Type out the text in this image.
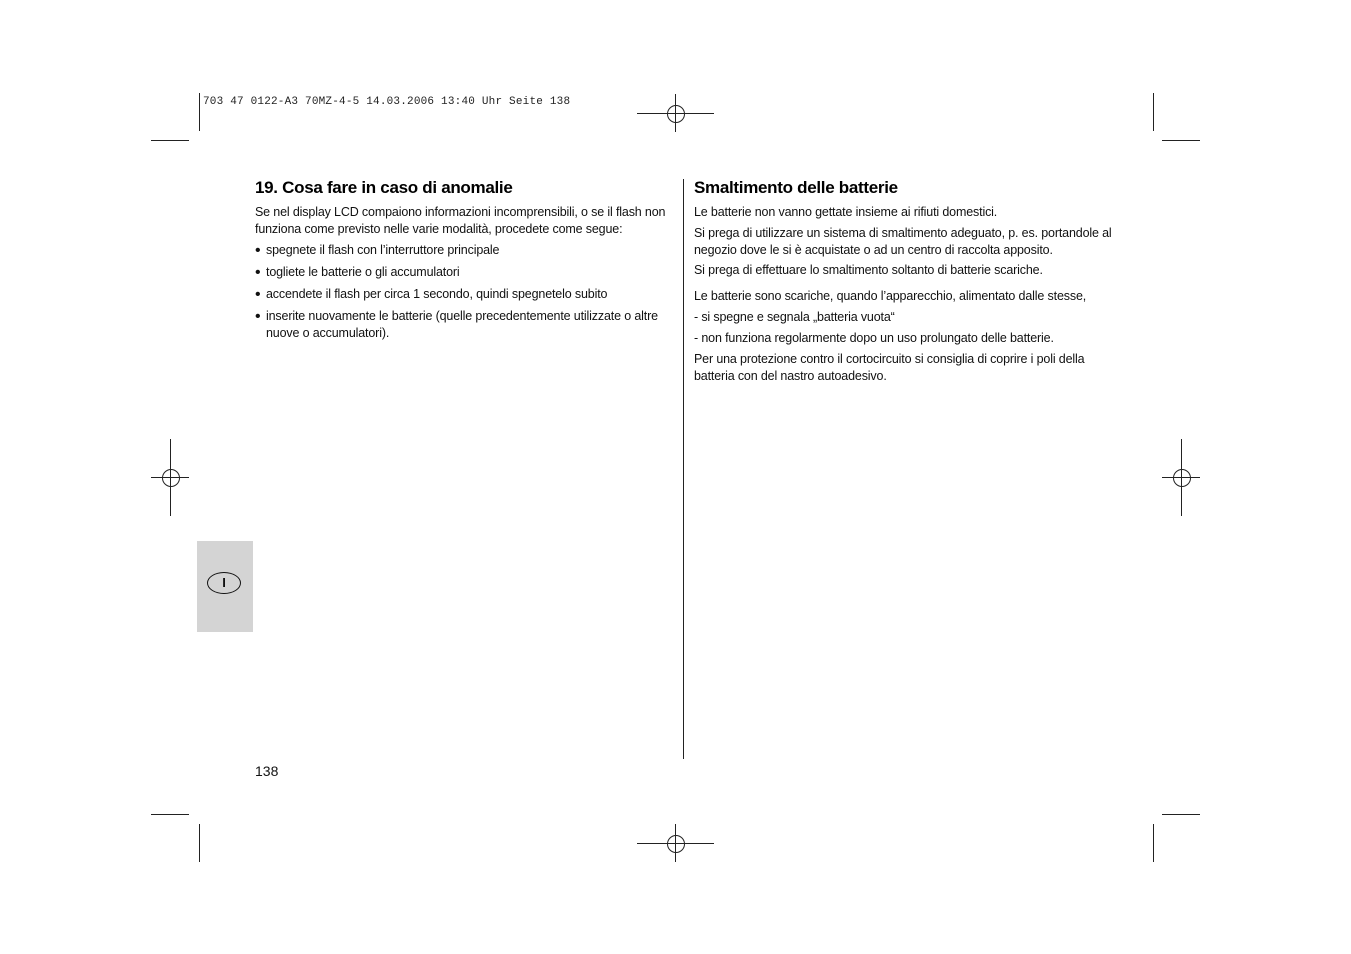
703 47 0122-A3 70MZ-4-5 14.03.2006 13:40 Uhr Seite 138
19. Cosa fare in caso di anomalie

Se nel display LCD compaiono informazioni incomprensibili, o se il flash non funziona come previsto nelle varie modalità, procedete come segue:

• spegnete il flash con l’interruttore principale

• togliete le batterie o gli accumulatori

• accendete il flash per circa 1 secondo, quindi spegnetelo subito

• inserite nuovamente le batterie (quelle precedentemente utilizzate o altre nuove o accumulatori).

Smaltimento delle batterie

Le batterie non vanno gettate insieme ai rifiuti domestici.

Si prega di utilizzare un sistema di smaltimento adeguato, p. es. portandole al negozio dove le si è acquistate o ad un centro di raccolta apposito.

Si prega di effettuare lo smaltimento soltanto di batterie scariche.

Le batterie sono scariche, quando l’apparecchio, alimentato dalle stesse,

- si spegne e segnala „batteria vuota“

- non funziona regolarmente dopo un uso prolungato delle batterie.

Per una protezione contro il cortocircuito si consiglia di coprire i poli della batteria con del nastro autoadesivo.

I
138
